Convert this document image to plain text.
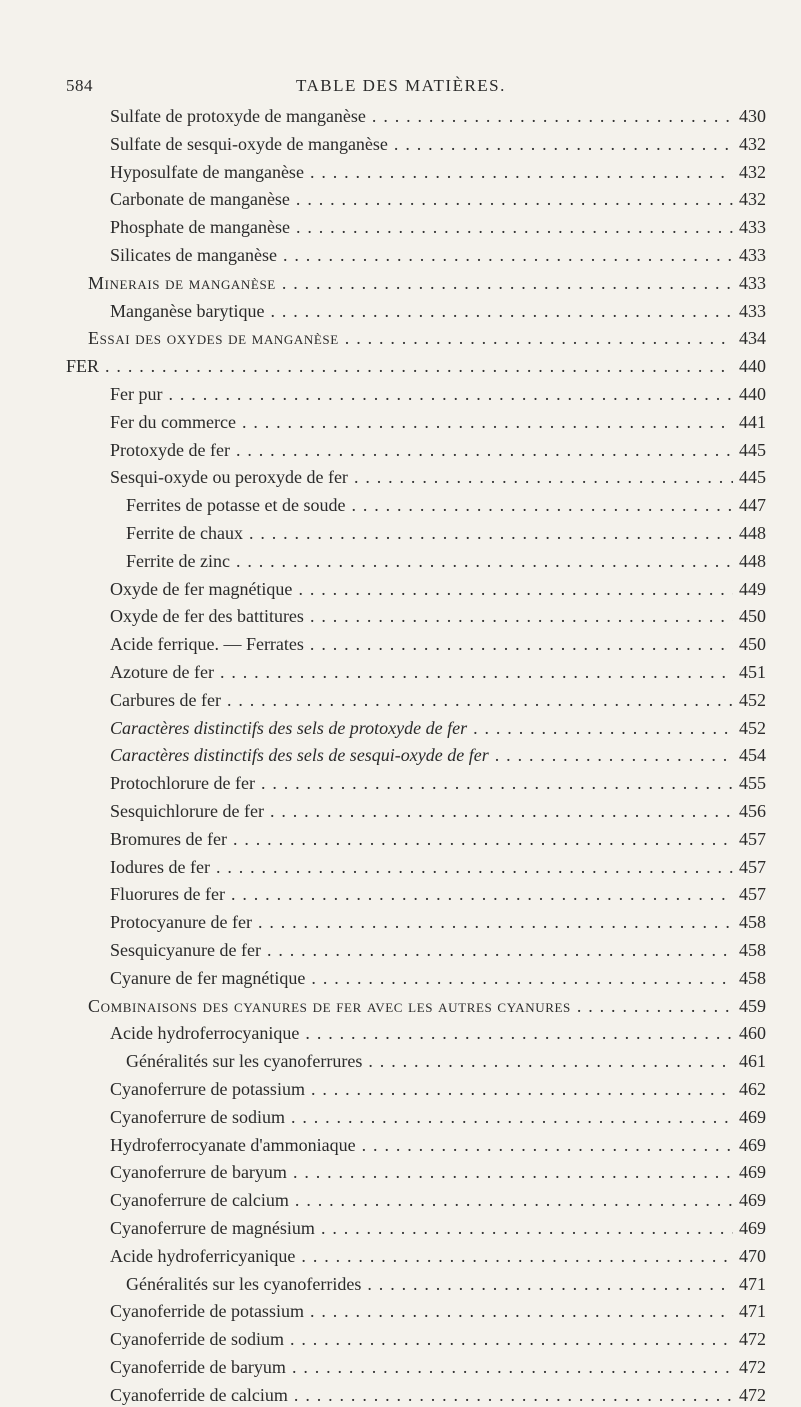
584	TABLE DES MATIÈRES.
Sulfate de protoxyde de manganèse . . .	430
Sulfate de sesqui-oxyde de manganèse . . .	432
Hyposulfate de manganèse . . .	432
Carbonate de manganèse . . .	432
Phosphate de manganèse . . .	433
Silicates de manganèse . . .	433
Minerais de manganèse . . .	433
Manganèse barytique . . .	433
Essai des oxydes de manganèse . . .	434
FER . . .	440
Fer pur . . .	440
Fer du commerce . . .	441
Protoxyde de fer . . .	445
Sesqui-oxyde ou peroxyde de fer . . .	445
Ferrites de potasse et de soude . . .	447
Ferrite de chaux . . .	448
Ferrite de zinc . . .	448
Oxyde de fer magnétique . . .	449
Oxyde de fer des battitures . . .	450
Acide ferrique. — Ferrates . . .	450
Azoture de fer . . .	451
Carbures de fer . . .	452
Caractères distinctifs des sels de protoxyde de fer . . .	452
Caractères distinctifs des sels de sesqui-oxyde de fer . . .	454
Protochlorure de fer . . .	455
Sesquichlorure de fer . . .	456
Bromures de fer . . .	457
Iodures de fer . . .	457
Fluorures de fer . . .	457
Protocyanure de fer . . .	458
Sesquicyanure de fer . . .	458
Cyanure de fer magnétique . . .	458
Combinaisons des cyanures de fer avec les autres cyanures . . .	459
Acide hydroferrocyanique . . .	460
Généralités sur les cyanoferrures . . .	461
Cyanoferrure de potassium . . .	462
Cyanoferrure de sodium . . .	469
Hydroferrocyanate d'ammoniaque . . .	469
Cyanoferrure de baryum . . .	469
Cyanoferrure de calcium . . .	469
Cyanoferrure de magnésium . . .	469
Acide hydroferricyanique . . .	470
Généralités sur les cyanoferrides . . .	471
Cyanoferride de potassium . . .	471
Cyanoferride de sodium . . .	472
Cyanoferride de baryum . . .	472
Cyanoferride de calcium . . .	472
